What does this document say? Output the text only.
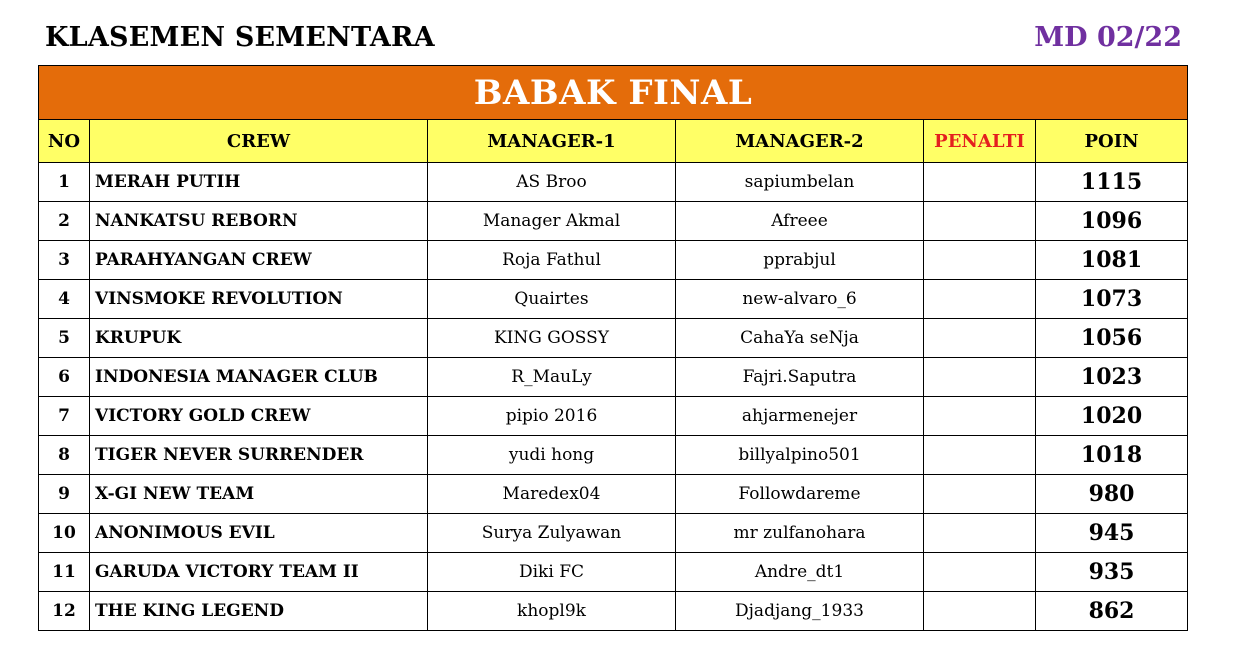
KLASEMEN SEMENTARA	MD 02/22
BABAK FINAL					
NO	CREW	MANAGER-1	MANAGER-2	PENALTI	POIN
1	MERAH PUTIH	AS Broo	sapiumbelan		1115
2	NANKATSU REBORN	Manager Akmal	Afreee		1096
3	PARAHYANGAN CREW	Roja Fathul	pprabjul		1081
4	VINSMOKE REVOLUTION	Quairtes	new-alvaro_6		1073
5	KRUPUK	KING GOSSY	CahaYa seNja		1056
6	INDONESIA MANAGER CLUB	R_MauLy	Fajri.Saputra		1023
7	VICTORY GOLD CREW	pipio 2016	ahjarmenejer		1020
8	TIGER NEVER SURRENDER	yudi hong	billyalpino501		1018
9	X-GI NEW TEAM	Maredex04	Followdareme		980
10	ANONIMOUS EVIL	Surya Zulyawan	mr zulfanohara		945
11	GARUDA VICTORY TEAM II	Diki FC	Andre_dt1		935
12	THE KING LEGEND	khopl9k	Djadjang_1933		862
